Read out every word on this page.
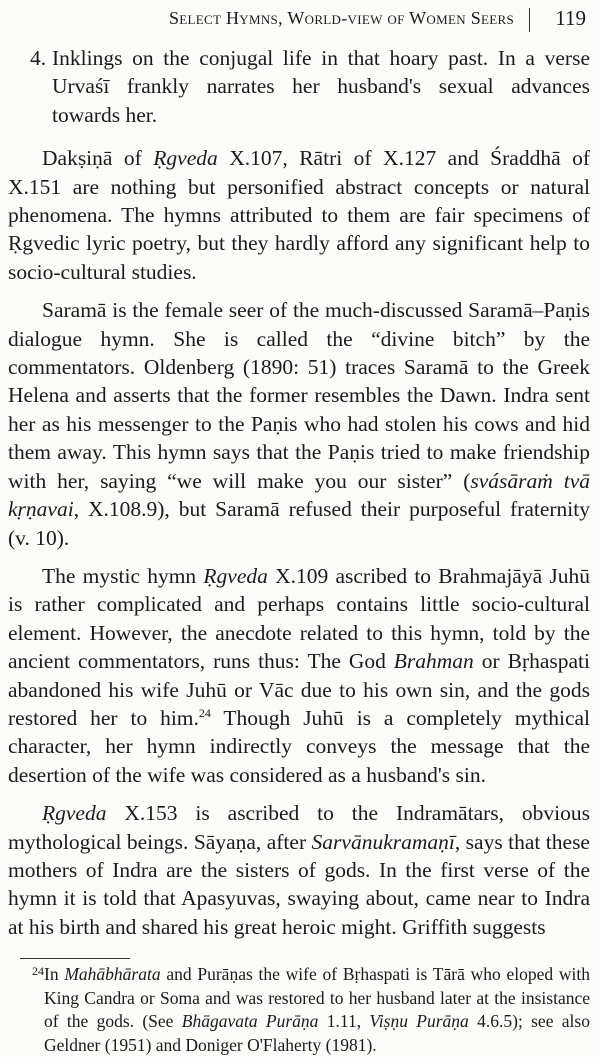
Select Hymns, World-view of Women Seers 119

4. Inklings on the conjugal life in that hoary past. In a verse Urvaśī frankly narrates her husband's sexual advances towards her.

Dakṣiṇā of Ṛgveda X.107, Rātri of X.127 and Śraddhā of X.151 are nothing but personified abstract concepts or natural phenomena. The hymns attributed to them are fair specimens of Ṛgvedic lyric poetry, but they hardly afford any significant help to socio-cultural studies.

Saramā is the female seer of the much-discussed Saramā–Paṇis dialogue hymn. She is called the “divine bitch” by the commentators. Oldenberg (1890: 51) traces Saramā to the Greek Helena and asserts that the former resembles the Dawn. Indra sent her as his messenger to the Paṇis who had stolen his cows and hid them away. This hymn says that the Paṇis tried to make friendship with her, saying “we will make you our sister” (svásāraṁ tvā kṛṇavai, X.108.9), but Saramā refused their purposeful fraternity (v. 10).

The mystic hymn Ṛgveda X.109 ascribed to Brahmajāyā Juhū is rather complicated and perhaps contains little socio-cultural element. However, the anecdote related to this hymn, told by the ancient commentators, runs thus: The God Brahman or Bṛhaspati abandoned his wife Juhū or Vāc due to his own sin, and the gods restored her to him.$^{24}$ Though Juhū is a completely mythical character, her hymn indirectly conveys the message that the desertion of the wife was considered as a husband's sin.

Ṛgveda X.153 is ascribed to the Indramātars, obvious mythological beings. Sāyaṇa, after Sarvānukramaṇī, says that these mothers of Indra are the sisters of gods. In the first verse of the hymn it is told that Apasyuvas, swaying about, came near to Indra at his birth and shared his great heroic might. Griffith suggests

24 In Mahābhārata and Purāṇas the wife of Bṛhaspati is Tārā who eloped with King Candra or Soma and was restored to her husband later at the insistance of the gods. (See Bhāgavata Purāṇa 1.11, Viṣṇu Purāṇa 4.6.5); see also Geldner (1951) and Doniger O'Flaherty (1981).
